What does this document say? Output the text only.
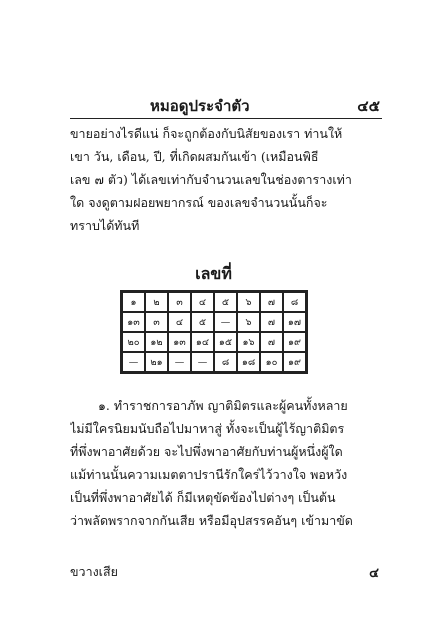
หมอดูประจำตัว	๔๕
ขายอย่างไรดีแน่ ก็จะถูกต้องกับนิสัยของเรา ท่านให้
เขา วัน, เดือน, ปี, ที่เกิดผสมกันเข้า (เหมือนพิธี
เลข ๗ ตัว) ได้เลขเท่ากับจำนวนเลขในช่องตารางเท่า
ใด จงดูตามฝอยพยากรณ์ ของเลขจำนวนนั้นก็จะ
ทราบได้ทันที
เลขที่
๑	๒	๓	๔	๕	๖	๗	๘
๑๓	๓	๔	๕	—	๖	๗	๑๗
๒๐	๑๒	๑๓	๑๔	๑๕	๑๖	๗	๑๙
—	๒๑	—	—	๘	๑๘	๑๐	๑๙
๑. ทำราชการอาภัพ ญาติมิตรและผู้คนทั้งหลาย
ไม่มีใครนิยมนับถือไปมาหาสู่ ทั้งจะเป็นผู้ไร้ญาติมิตร
ที่พึ่งพาอาศัยด้วย จะไปพึ่งพาอาศัยกับท่านผู้หนึ่งผู้ใด
แม้ท่านนั้นความเมตตาปรานีรักใคร่ไว้วางใจ พอหวัง
เป็นที่พึ่งพาอาศัยได้ ก็มีเหตุขัดข้องไปต่างๆ เป็นต้น
ว่าพลัดพรากจากกันเสีย หรือมีอุปสรรคอันๆ เข้ามาขัด
ขวางเสีย	๔
